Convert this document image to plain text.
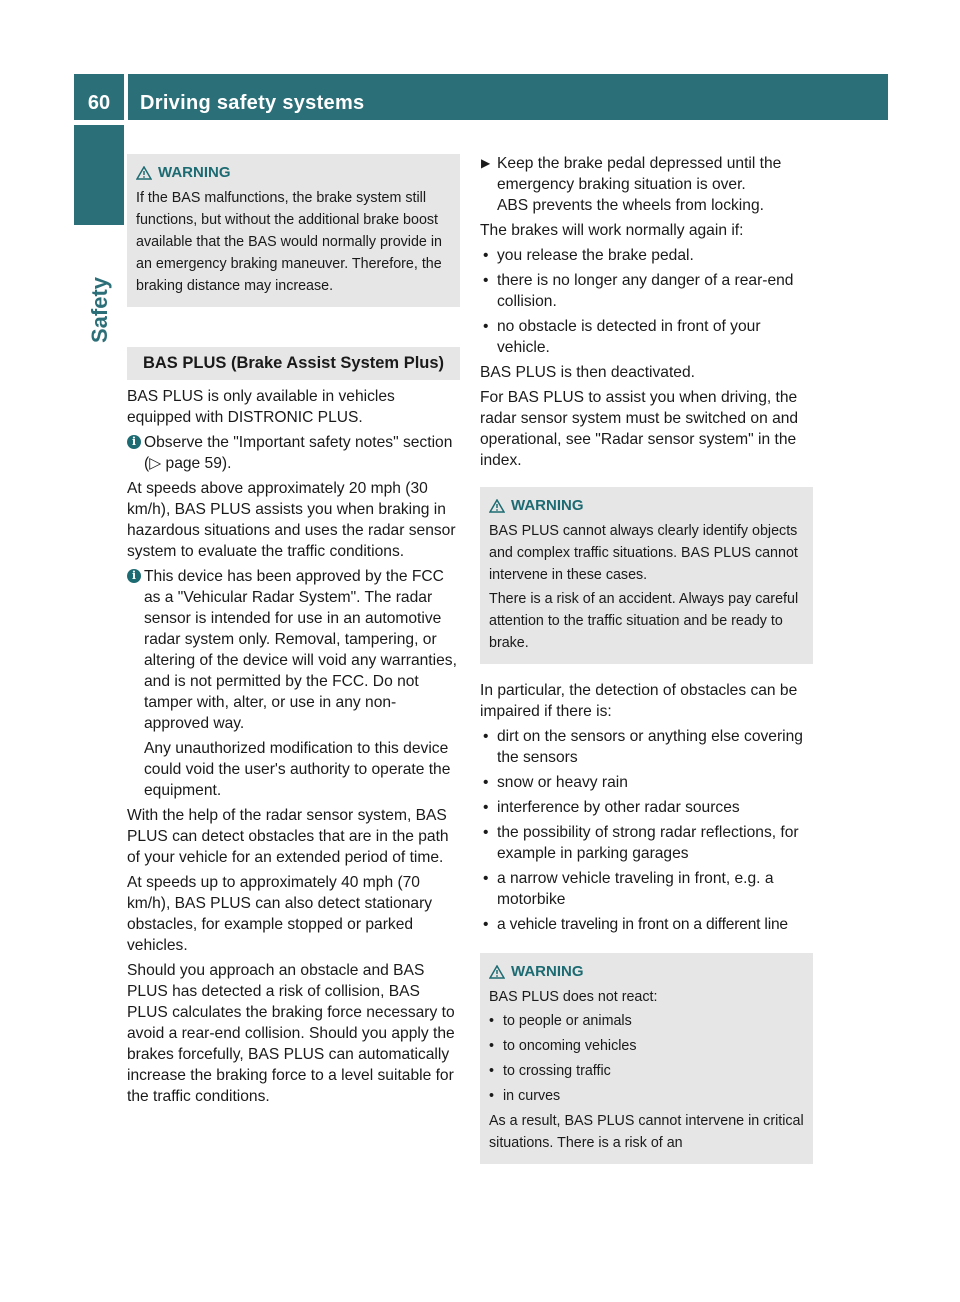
60	Driving safety systems
Safety
WARNING

If the BAS malfunctions, the brake system still functions, but without the additional brake boost available that the BAS would normally provide in an emergency braking maneuver. Therefore, the braking distance may increase.

BAS PLUS (Brake Assist System Plus)

BAS PLUS is only available in vehicles equipped with DISTRONIC PLUS.

i Observe the "Important safety notes" section (▷ page 59).

At speeds above approximately 20 mph (30 km/h), BAS PLUS assists you when braking in hazardous situations and uses the radar sensor system to evaluate the traffic conditions.

i This device has been approved by the FCC as a "Vehicular Radar System". The radar sensor is intended for use in an automotive radar system only. Removal, tampering, or altering of the device will void any warranties, and is not permitted by the FCC. Do not tamper with, alter, or use in any non-approved way.

Any unauthorized modification to this device could void the user's authority to operate the equipment.

With the help of the radar sensor system, BAS PLUS can detect obstacles that are in the path of your vehicle for an extended period of time.

At speeds up to approximately 40 mph (70 km/h), BAS PLUS can also detect stationary obstacles, for example stopped or parked vehicles.

Should you approach an obstacle and BAS PLUS has detected a risk of collision, BAS PLUS calculates the braking force necessary to avoid a rear-end collision. Should you apply the brakes forcefully, BAS PLUS can automatically increase the braking force to a level suitable for the traffic conditions.

▶ Keep the brake pedal depressed until the emergency braking situation is over.
ABS prevents the wheels from locking.

The brakes will work normally again if:

• you release the brake pedal.
• there is no longer any danger of a rear-end collision.
• no obstacle is detected in front of your vehicle.

BAS PLUS is then deactivated.

For BAS PLUS to assist you when driving, the radar sensor system must be switched on and operational, see "Radar sensor system" in the index.

WARNING

BAS PLUS cannot always clearly identify objects and complex traffic situations. BAS PLUS cannot intervene in these cases.

There is a risk of an accident. Always pay careful attention to the traffic situation and be ready to brake.

In particular, the detection of obstacles can be impaired if there is:

• dirt on the sensors or anything else covering the sensors
• snow or heavy rain
• interference by other radar sources
• the possibility of strong radar reflections, for example in parking garages
• a narrow vehicle traveling in front, e.g. a motorbike
• a vehicle traveling in front on a different line
WARNING

BAS PLUS does not react:

• to people or animals
• to oncoming vehicles
• to crossing traffic
• in curves

As a result, BAS PLUS cannot intervene in critical situations. There is a risk of an
